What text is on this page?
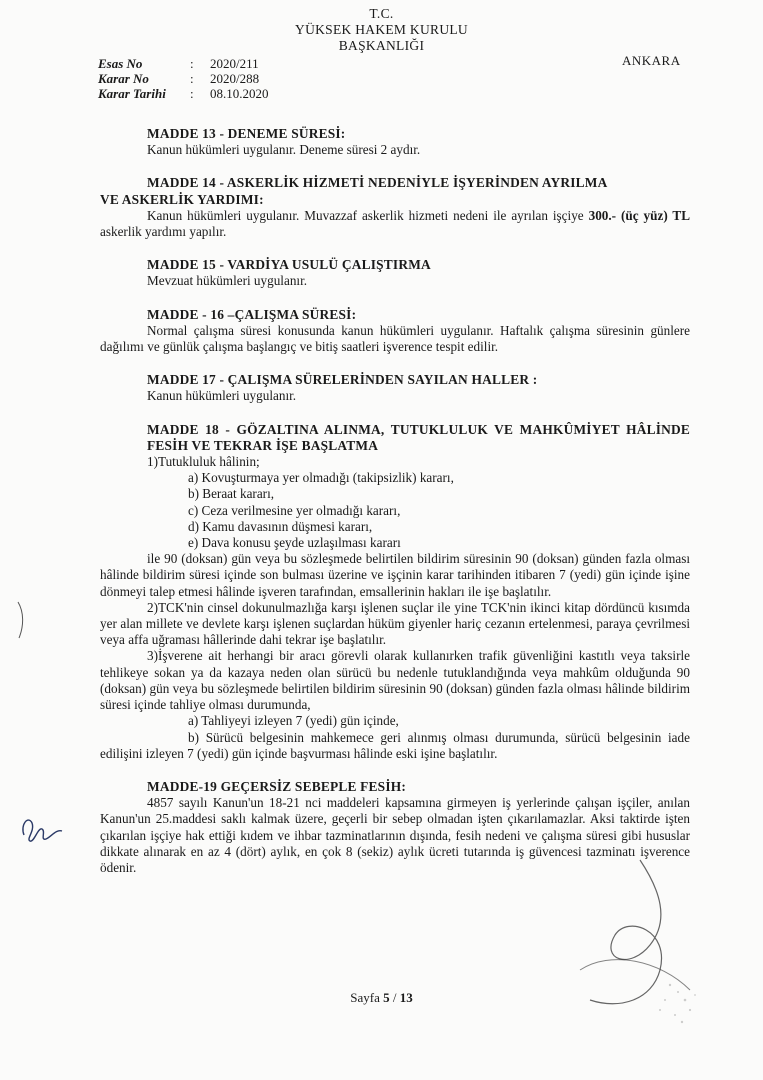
T.C.
YÜKSEK HAKEM KURULU
BAŞKANLIĞI
ANKARA
Esas No	:	2020/211
Karar No	:	2020/288
Karar Tarihi	:	08.10.2020
MADDE 13 - DENEME SÜRESİ:

Kanun hükümleri uygulanır. Deneme süresi 2 aydır.

MADDE 14 - ASKERLİK HİZMETİ NEDENİYLE İŞYERİNDEN AYRILMA
VE ASKERLİK YARDIMI:

Kanun hükümleri uygulanır. Muvazzaf askerlik hizmeti nedeni ile ayrılan işçiye 300.- (üç yüz) TL askerlik yardımı yapılır.

MADDE 15 - VARDİYA USULÜ ÇALIŞTIRMA

Mevzuat hükümleri uygulanır.

MADDE - 16 –ÇALIŞMA SÜRESİ:

Normal çalışma süresi konusunda kanun hükümleri uygulanır. Haftalık çalışma süresinin günlere dağılımı ve günlük çalışma başlangıç ve bitiş saatleri işverence tespit edilir.

MADDE 17 - ÇALIŞMA SÜRELERİNDEN SAYILAN HALLER :

Kanun hükümleri uygulanır.

MADDE 18 - GÖZALTINA ALINMA, TUTUKLULUK VE MAHKÛMİYET HÂLİNDE FESİH VE TEKRAR İŞE BAŞLATMA

1)Tutukluluk hâlinin;

a) Kovuşturmaya yer olmadığı (takipsizlik) kararı,

b) Beraat kararı,

c) Ceza verilmesine yer olmadığı kararı,

d) Kamu davasının düşmesi kararı,

e) Dava konusu şeyde uzlaşılması kararı

ile 90 (doksan) gün veya bu sözleşmede belirtilen bildirim süresinin 90 (doksan) günden fazla olması hâlinde bildirim süresi içinde son bulması üzerine ve işçinin karar tarihinden itibaren 7 (yedi) gün içinde işine dönmeyi talep etmesi hâlinde işveren tarafından, emsallerinin hakları ile işe başlatılır.

2)TCK'nin cinsel dokunulmazlığa karşı işlenen suçlar ile yine TCK'nin ikinci kitap dördüncü kısımda yer alan millete ve devlete karşı işlenen suçlardan hüküm giyenler hariç cezanın ertelenmesi, paraya çevrilmesi veya affa uğraması hâllerinde dahi tekrar işe başlatılır.

3)İşverene ait herhangi bir aracı görevli olarak kullanırken trafik güvenliğini kastıtlı veya taksirle tehlikeye sokan ya da kazaya neden olan sürücü bu nedenle tutuklandığında veya mahkûm olduğunda 90 (doksan) gün veya bu sözleşmede belirtilen bildirim süresinin 90 (doksan) günden fazla olması hâlinde bildirim süresi içinde tahliye olması durumunda,

a) Tahliyeyi izleyen 7 (yedi) gün içinde,

b) Sürücü belgesinin mahkemece geri alınmış olması durumunda, sürücü belgesinin iade edilişini izleyen 7 (yedi) gün içinde başvurması hâlinde eski işine başlatılır.

MADDE-19 GEÇERSİZ SEBEPLE FESİH:

4857 sayılı Kanun'un 18-21 nci maddeleri kapsamına girmeyen iş yerlerinde çalışan işçiler, anılan Kanun'un 25.maddesi saklı kalmak üzere, geçerli bir sebep olmadan işten çıkarılamazlar. Aksi taktirde işten çıkarılan işçiye hak ettiği kıdem ve ihbar tazminatlarının dışında, fesih nedeni ve çalışma süresi gibi hususlar dikkate alınarak en az 4 (dört) aylık, en çok 8 (sekiz) aylık ücreti tutarında iş güvencesi tazminatı işverence ödenir.

Sayfa 5 / 13
